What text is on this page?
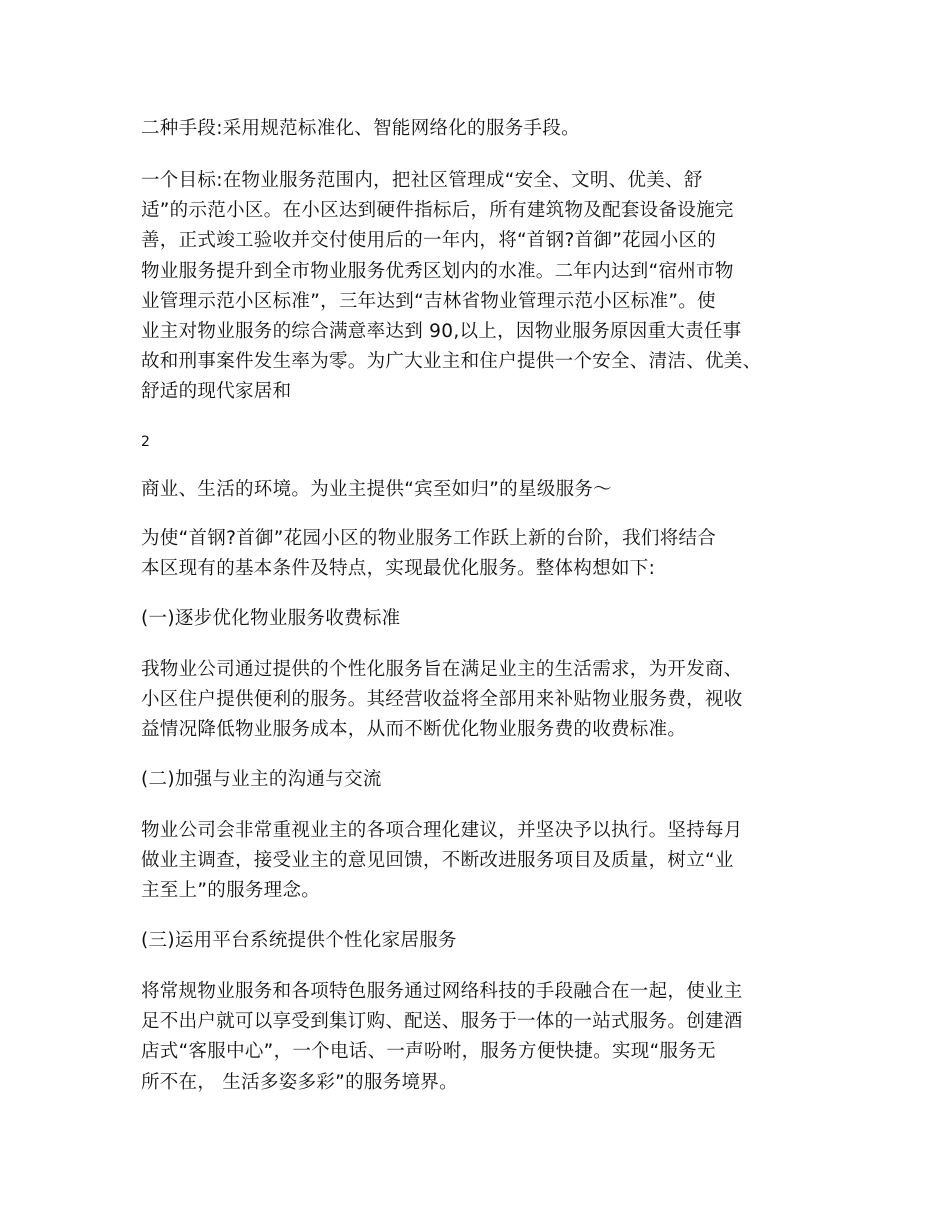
二种手段:采用规范标准化、智能网络化的服务手段。

一个目标:在物业服务范围内，把社区管理成“安全、文明、优美、舒
适”的示范小区。在小区达到硬件指标后，所有建筑物及配套设备设施完
善，正式竣工验收并交付使用后的一年内，将“首钢?首御”花园小区的
物业服务提升到全市物业服务优秀区划内的水准。二年内达到“宿州市物
业管理示范小区标准”，三年达到“吉林省物业管理示范小区标准”。使
业主对物业服务的综合满意率达到 90,以上，因物业服务原因重大责任事
故和刑事案件发生率为零。为广大业主和住户提供一个安全、清洁、优美、
舒适的现代家居和

2

商业、生活的环境。为业主提供“宾至如归”的星级服务～

为使“首钢?首御”花园小区的物业服务工作跃上新的台阶，我们将结合
本区现有的基本条件及特点，实现最优化服务。整体构想如下:

(一)逐步优化物业服务收费标准

我物业公司通过提供的个性化服务旨在满足业主的生活需求，为开发商、
小区住户提供便利的服务。其经营收益将全部用来补贴物业服务费，视收
益情况降低物业服务成本，从而不断优化物业服务费的收费标准。

(二)加强与业主的沟通与交流

物业公司会非常重视业主的各项合理化建议，并坚决予以执行。坚持每月
做业主调查，接受业主的意见回馈，不断改进服务项目及质量，树立“业
主至上”的服务理念。

(三)运用平台系统提供个性化家居服务

将常规物业服务和各项特色服务通过网络科技的手段融合在一起，使业主
足不出户就可以享受到集订购、配送、服务于一体的一站式服务。创建酒
店式“客服中心”，一个电话、一声吩咐，服务方便快捷。实现“服务无
所不在， 生活多姿多彩”的服务境界。
